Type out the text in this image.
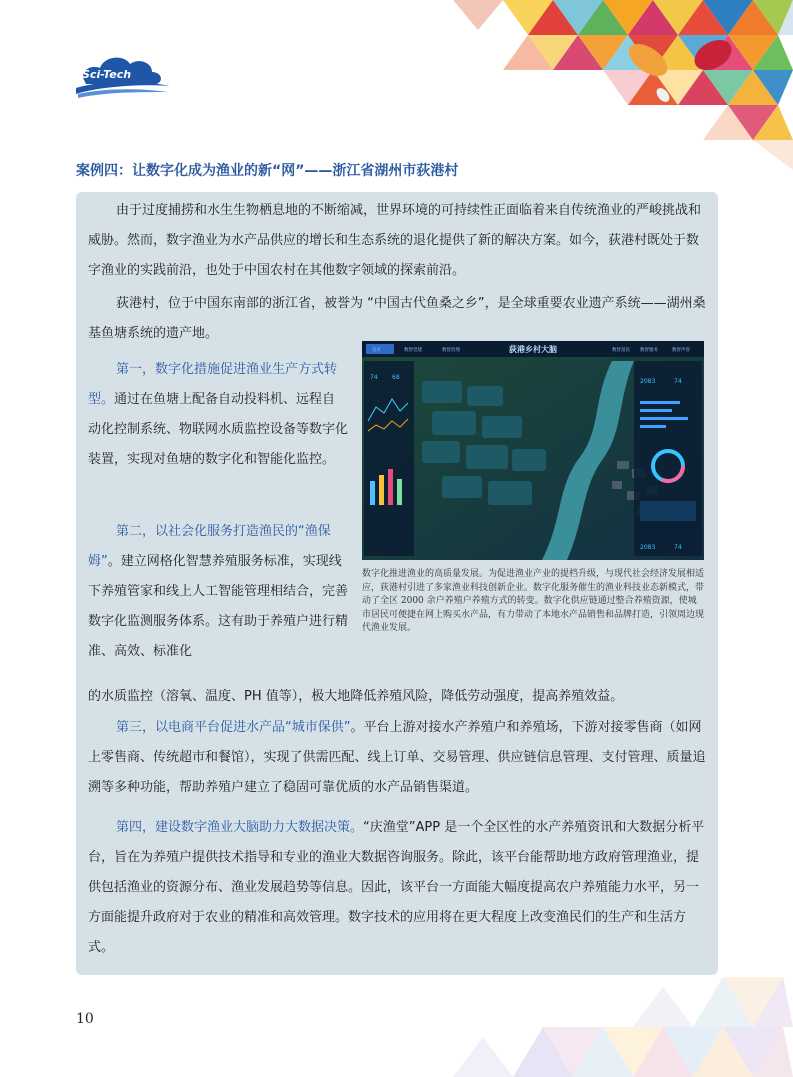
Sci-Tech
案例四：让数字化成为渔业的新“网”——浙江省湖州市荻港村

由于过度捕捞和水生生物栖息地的不断缩减，世界环境的可持续性正面临着来自传统渔业的严峻挑战和威胁。然而，数字渔业为水产品供应的增长和生态系统的退化提供了新的解决方案。如今，荻港村既处于数字渔业的实践前沿，也处于中国农村在其他数字领域的探索前沿。

荻港村，位于中国东南部的浙江省，被誉为 “中国古代鱼桑之乡”，是全球重要农业遗产系统——湖州桑基鱼塘系统的遗产地。

第一，数字化措施促进渔业生产方式转型。通过在鱼塘上配备自动投料机、远程自动化控制系统、物联网水质监控设备等数字化装置，实现对鱼塘的数字化和智能化监控。

第二，以社会化服务打造渔民的“渔保姆”。建立网格化智慧养殖服务标准，实现线下养殖管家和线上人工智能管理相结合，完善数字化监测服务体系。这有助于养殖户进行精准、高效、标准化

的水质监控（溶氧、温度、PH 值等），极大地降低养殖风险，降低劳动强度，提高养殖效益。

第三，以电商平台促进水产品“城市保供”。平台上游对接水产养殖户和养殖场，下游对接零售商（如网上零售商、传统超市和餐馆），实现了供需匹配、线上订单、交易管理、供应链信息管理、支付管理、质量追溯等多种功能，帮助养殖户建立了稳固可靠优质的水产品销售渠道。

第四，建设数字渔业大脑助力大数据决策。“庆渔堂”APP 是一个全区性的水产养殖资讯和大数据分析平台，旨在为养殖户提供技术指导和专业的渔业大数据咨询服务。除此，该平台能帮助地方政府管理渔业，提供包括渔业的资源分布、渔业发展趋势等信息。因此，该平台一方面能大幅度提高农户养殖能力水平，另一方面能提升政府对于农业的精准和高效管理。数字技术的应用将在更大程度上改变渔民们的生产和生活方式。

首页	数智党建	数智治理	数智富民 数智服务	数智声誉
荻港乡村大脑
74 68
2083	74
2083	74

数字化推进渔业的高质量发展。为促进渔业产业的提档升级，与现代社会经济发展相适应，荻港村引进了多家渔业科技创新企业。数字化服务催生的渔业科技业态新模式，带动了全区 2000 余户养殖户养殖方式的转变。数字化供应链通过整合养殖资源，使城市居民可便捷在网上购买水产品，有力带动了本地水产品销售和品牌打造，引领周边现代渔业发展。

10
